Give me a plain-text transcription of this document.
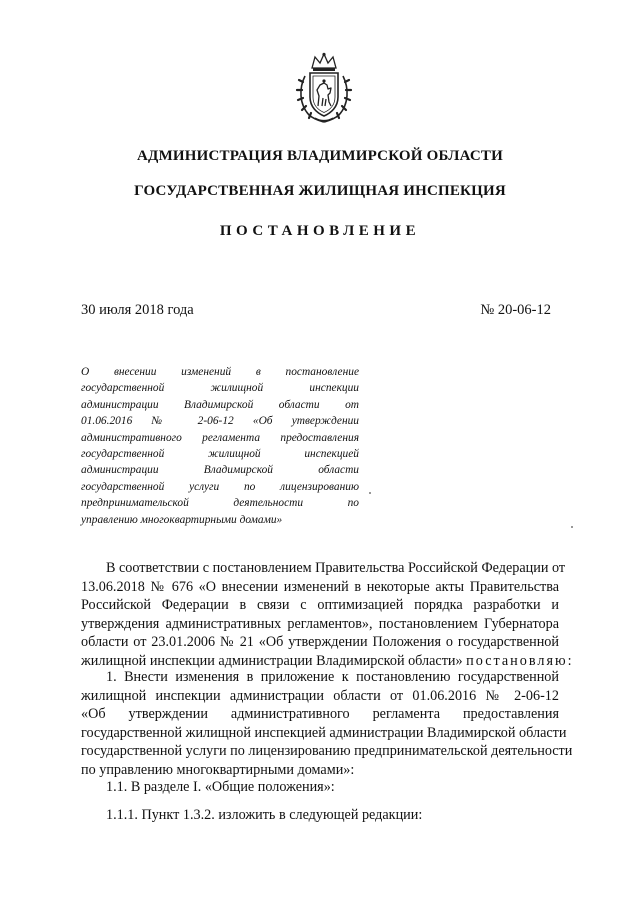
АДМИНИСТРАЦИЯ ВЛАДИМИРСКОЙ ОБЛАСТИ
ГОСУДАРСТВЕННАЯ ЖИЛИЩНАЯ ИНСПЕКЦИЯ
ПОСТАНОВЛЕНИЕ
30 июля 2018 года	№ 20-06-12
О внесении изменений в постановление
государственной жилищной инспекции
администрации Владимирской области от
01.06.2016 № 2-06-12 «Об утверждении
административного регламента предоставления
государственной жилищной инспекцией
администрации Владимирской области
государственной услуги по лицензированию
предпринимательской деятельности по
управлению многоквартирными домами»
В соответствии с постановлением Правительства Российской Федерации от
13.06.2018 № 676 «О внесении изменений в некоторые акты Правительства
Российской Федерации в связи с оптимизацией порядка разработки и
утверждения административных регламентов», постановлением Губернатора
области от 23.01.2006 № 21 «Об утверждении Положения о государственной
жилищной инспекции администрации Владимирской области» постановляю:
1. Внести изменения в приложение к постановлению государственной
жилищной инспекции администрации области от 01.06.2016 № 2-06-12
«Об утверждении административного регламента предоставления
государственной жилищной инспекцией администрации Владимирской области
государственной услуги по лицензированию предпринимательской деятельности
по управлению многоквартирными домами»:
1.1. В разделе I. «Общие положения»:
1.1.1. Пункт 1.3.2. изложить в следующей редакции:
